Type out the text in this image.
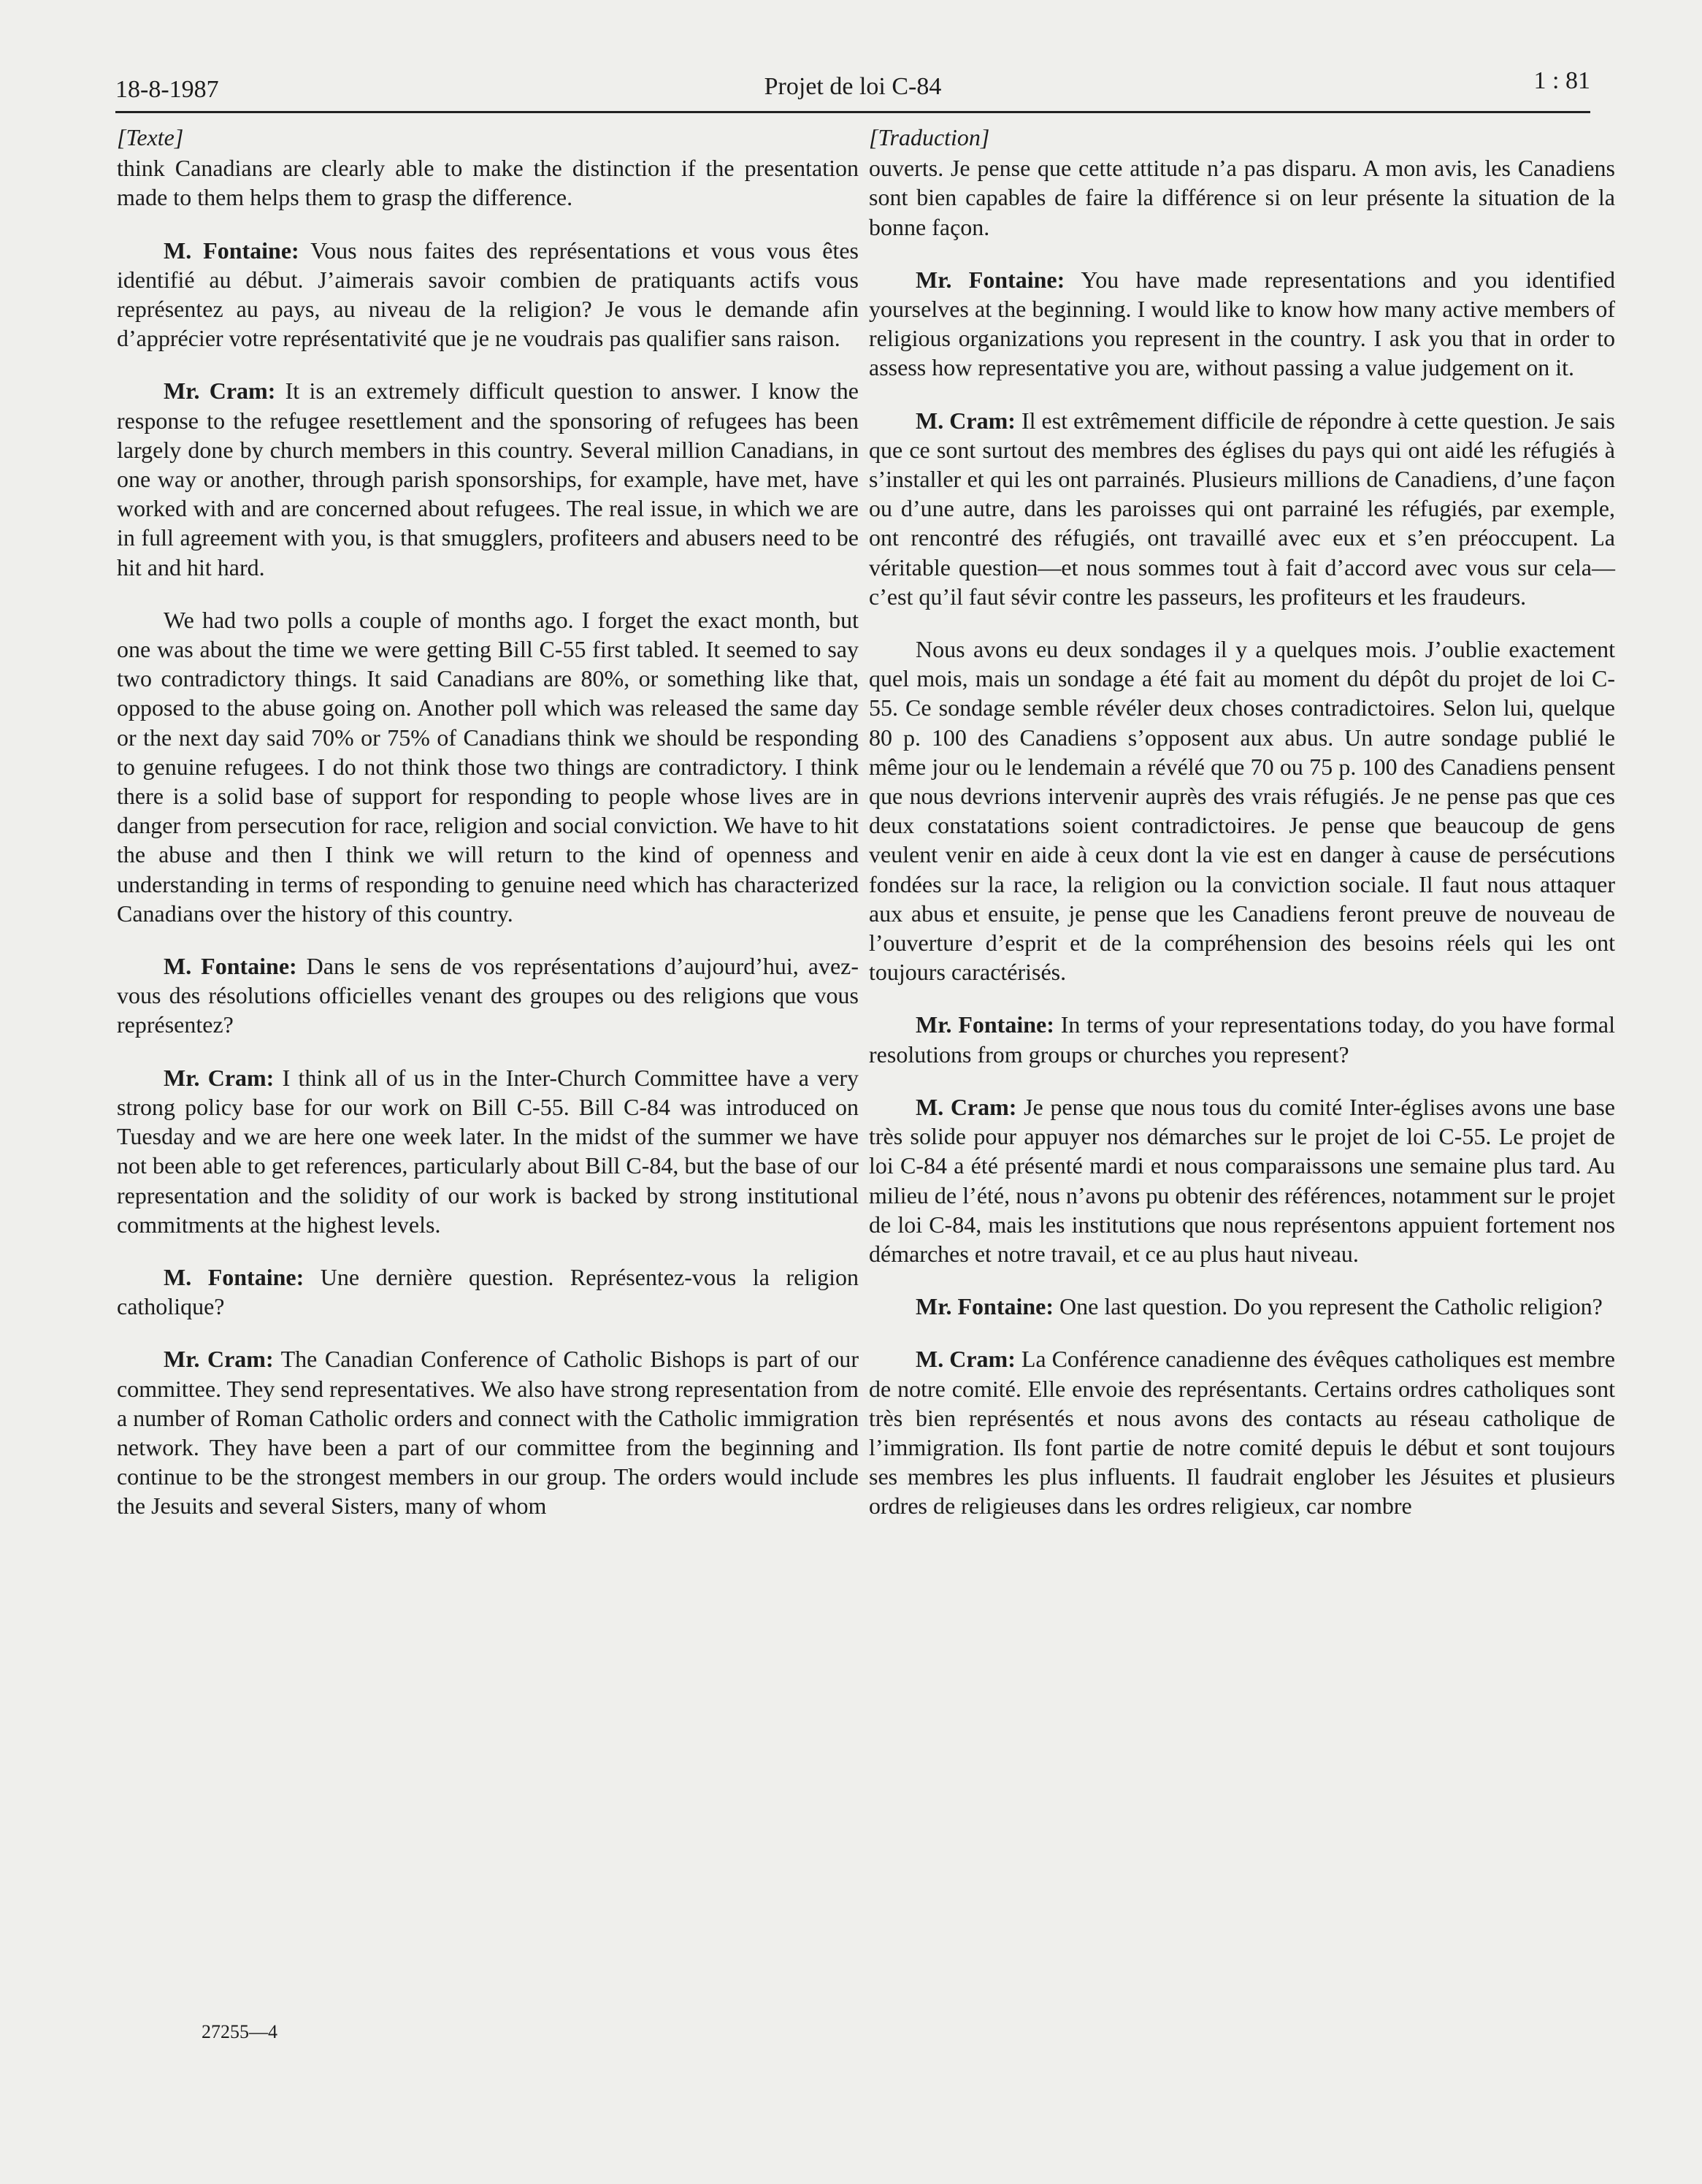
18-8-1987	Projet de loi C-84	1 : 81
[Texte]

think Canadians are clearly able to make the distinction if the presentation made to them helps them to grasp the difference.

M. Fontaine: Vous nous faites des représentations et vous vous êtes identifié au début. J’aimerais savoir combien de pratiquants actifs vous représentez au pays, au niveau de la religion? Je vous le demande afin d’apprécier votre représentativité que je ne voudrais pas qualifier sans raison.

Mr. Cram: It is an extremely difficult question to answer. I know the response to the refugee resettlement and the sponsoring of refugees has been largely done by church members in this country. Several million Canadians, in one way or another, through parish sponsorships, for example, have met, have worked with and are concerned about refugees. The real issue, in which we are in full agreement with you, is that smugglers, profiteers and abusers need to be hit and hit hard.

We had two polls a couple of months ago. I forget the exact month, but one was about the time we were getting Bill C-55 first tabled. It seemed to say two contradictory things. It said Canadians are 80%, or something like that, opposed to the abuse going on. Another poll which was released the same day or the next day said 70% or 75% of Canadians think we should be responding to genuine refugees. I do not think those two things are contradictory. I think there is a solid base of support for responding to people whose lives are in danger from persecution for race, religion and social conviction. We have to hit the abuse and then I think we will return to the kind of openness and understanding in terms of responding to genuine need which has characterized Canadians over the history of this country.

M. Fontaine: Dans le sens de vos représentations d’aujourd’hui, avez-vous des résolutions officielles venant des groupes ou des religions que vous représentez?

Mr. Cram: I think all of us in the Inter-Church Committee have a very strong policy base for our work on Bill C-55. Bill C-84 was introduced on Tuesday and we are here one week later. In the midst of the summer we have not been able to get references, particularly about Bill C-84, but the base of our representation and the solidity of our work is backed by strong institutional commitments at the highest levels.

M. Fontaine: Une dernière question. Représentez-vous la religion catholique?

Mr. Cram: The Canadian Conference of Catholic Bishops is part of our committee. They send representatives. We also have strong representation from a number of Roman Catholic orders and connect with the Catholic immigration network. They have been a part of our committee from the beginning and continue to be the strongest members in our group. The orders would include the Jesuits and several Sisters, many of whom

[Traduction]

ouverts. Je pense que cette attitude n’a pas disparu. A mon avis, les Canadiens sont bien capables de faire la différence si on leur présente la situation de la bonne façon.

Mr. Fontaine: You have made representations and you identified yourselves at the beginning. I would like to know how many active members of religious organizations you represent in the country. I ask you that in order to assess how representative you are, without passing a value judgement on it.

M. Cram: Il est extrêmement difficile de répondre à cette question. Je sais que ce sont surtout des membres des églises du pays qui ont aidé les réfugiés à s’installer et qui les ont parrainés. Plusieurs millions de Canadiens, d’une façon ou d’une autre, dans les paroisses qui ont parrainé les réfugiés, par exemple, ont rencontré des réfugiés, ont travaillé avec eux et s’en préoccupent. La véritable question—et nous sommes tout à fait d’accord avec vous sur cela—c’est qu’il faut sévir contre les passeurs, les profiteurs et les fraudeurs.

Nous avons eu deux sondages il y a quelques mois. J’oublie exactement quel mois, mais un sondage a été fait au moment du dépôt du projet de loi C-55. Ce sondage semble révéler deux choses contradictoires. Selon lui, quelque 80 p. 100 des Canadiens s’opposent aux abus. Un autre sondage publié le même jour ou le lendemain a révélé que 70 ou 75 p. 100 des Canadiens pensent que nous devrions intervenir auprès des vrais réfugiés. Je ne pense pas que ces deux constatations soient contradictoires. Je pense que beaucoup de gens veulent venir en aide à ceux dont la vie est en danger à cause de persécutions fondées sur la race, la religion ou la conviction sociale. Il faut nous attaquer aux abus et ensuite, je pense que les Canadiens feront preuve de nouveau de l’ouverture d’esprit et de la compréhension des besoins réels qui les ont toujours caractérisés.

Mr. Fontaine: In terms of your representations today, do you have formal resolutions from groups or churches you represent?

M. Cram: Je pense que nous tous du comité Inter-églises avons une base très solide pour appuyer nos démarches sur le projet de loi C-55. Le projet de loi C-84 a été présenté mardi et nous comparaissons une semaine plus tard. Au milieu de l’été, nous n’avons pu obtenir des références, notamment sur le projet de loi C-84, mais les institutions que nous représentons appuient fortement nos démarches et notre travail, et ce au plus haut niveau.

Mr. Fontaine: One last question. Do you represent the Catholic religion?

M. Cram: La Conférence canadienne des évêques catholiques est membre de notre comité. Elle envoie des représentants. Certains ordres catholiques sont très bien représentés et nous avons des contacts au réseau catholique de l’immigration. Ils font partie de notre comité depuis le début et sont toujours ses membres les plus influents. Il faudrait englober les Jésuites et plusieurs ordres de religieuses dans les ordres religieux, car nombre

27255—4
